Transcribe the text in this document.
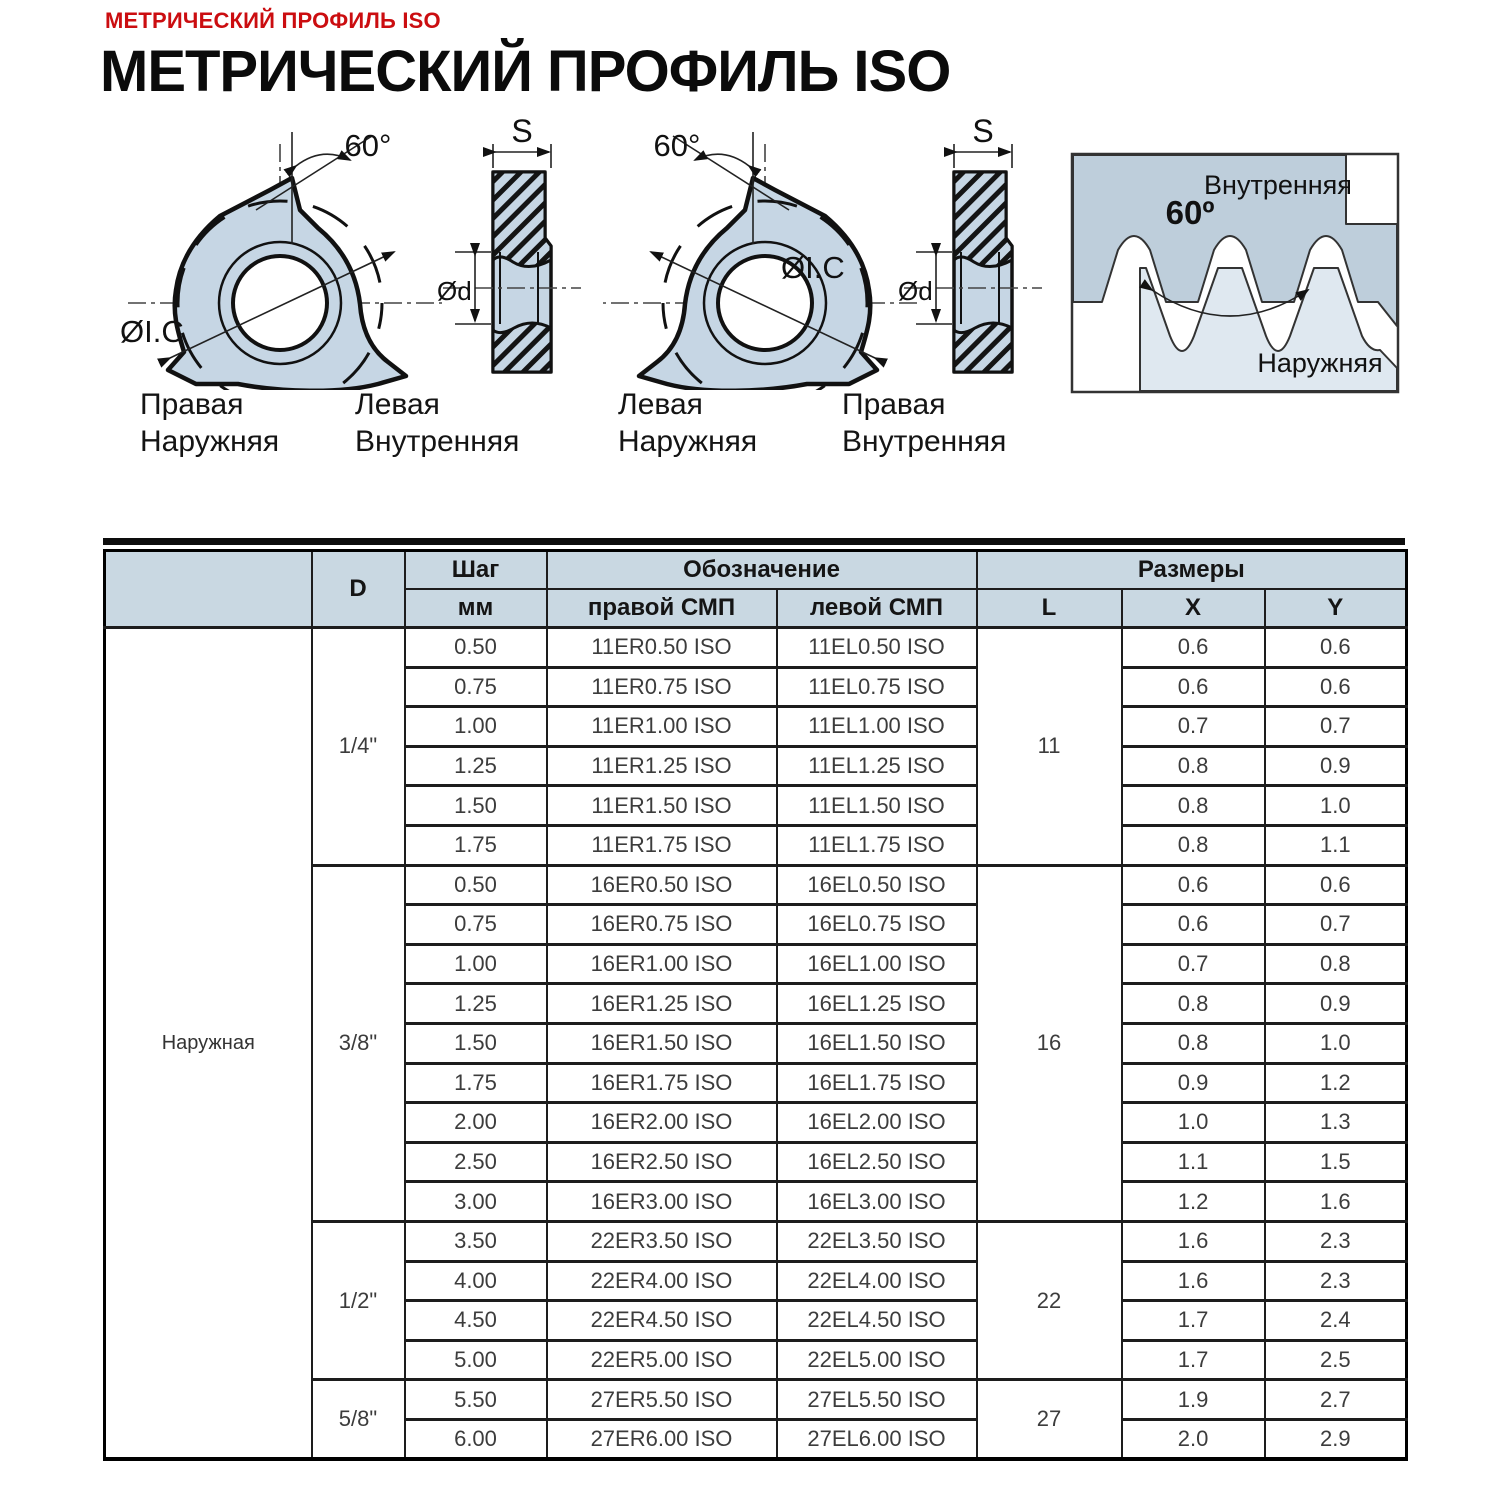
МЕТРИЧЕСКИЙ ПРОФИЛЬ ISO
МЕТРИЧЕСКИЙ ПРОФИЛЬ ISO
60°
ØI.C
S
Ød
60°
ØI.C
S
Ød
Внутренняя
60º
Наружняя
Правая
Наружняя
Левая
Внутренняя
Левая
Наружняя
Правая
Внутренняя
	D	Шаг	Обозначение		Размеры		
		мм	правой СМП	левой СМП	L	X	Y
Наружная	1/4"	0.50	11ER0.50 ISO	11EL0.50 ISO	11	0.6	0.6
		0.75	11ER0.75 ISO	11EL0.75 ISO		0.6	0.6
		1.00	11ER1.00 ISO	11EL1.00 ISO		0.7	0.7
		1.25	11ER1.25 ISO	11EL1.25 ISO		0.8	0.9
		1.50	11ER1.50 ISO	11EL1.50 ISO		0.8	1.0
		1.75	11ER1.75 ISO	11EL1.75 ISO		0.8	1.1
	3/8"	0.50	16ER0.50 ISO	16EL0.50 ISO	16	0.6	0.6
		0.75	16ER0.75 ISO	16EL0.75 ISO		0.6	0.7
		1.00	16ER1.00 ISO	16EL1.00 ISO		0.7	0.8
		1.25	16ER1.25 ISO	16EL1.25 ISO		0.8	0.9
		1.50	16ER1.50 ISO	16EL1.50 ISO		0.8	1.0
		1.75	16ER1.75 ISO	16EL1.75 ISO		0.9	1.2
		2.00	16ER2.00 ISO	16EL2.00 ISO		1.0	1.3
		2.50	16ER2.50 ISO	16EL2.50 ISO		1.1	1.5
		3.00	16ER3.00 ISO	16EL3.00 ISO		1.2	1.6
	1/2"	3.50	22ER3.50 ISO	22EL3.50 ISO	22	1.6	2.3
		4.00	22ER4.00 ISO	22EL4.00 ISO		1.6	2.3
		4.50	22ER4.50 ISO	22EL4.50 ISO		1.7	2.4
		5.00	22ER5.00 ISO	22EL5.00 ISO		1.7	2.5
	5/8"	5.50	27ER5.50 ISO	27EL5.50 ISO	27	1.9	2.7
		6.00	27ER6.00 ISO	27EL6.00 ISO		2.0	2.9
